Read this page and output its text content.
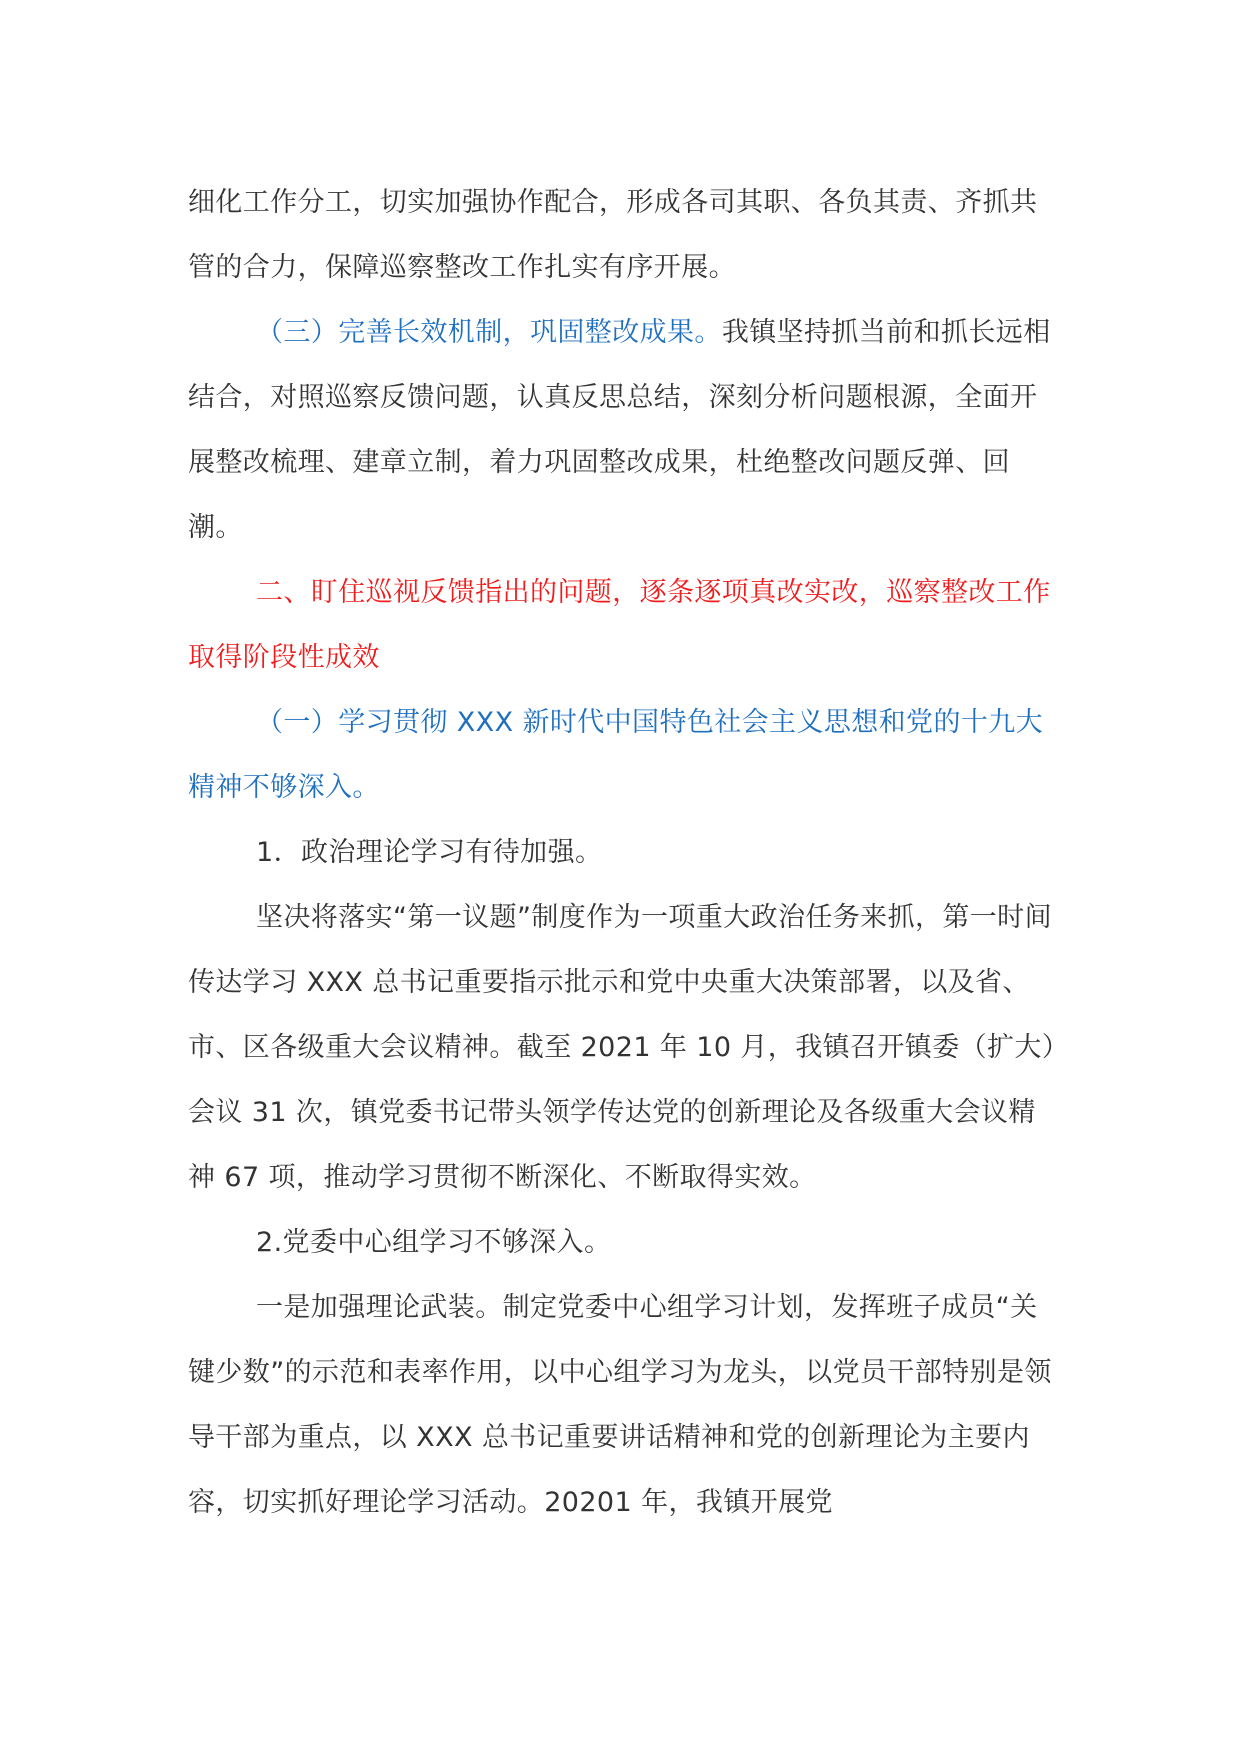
细化工作分工，切实加强协作配合，形成各司其职、各负其责、齐抓共管的合力，保障巡察整改工作扎实有序开展。

（三）完善长效机制，巩固整改成果。我镇坚持抓当前和抓长远相结合，对照巡察反馈问题，认真反思总结，深刻分析问题根源，全面开展整改梳理、建章立制，着力巩固整改成果，杜绝整改问题反弹、回潮。

二、盯住巡视反馈指出的问题，逐条逐项真改实改，巡察整改工作取得阶段性成效

（一）学习贯彻 XXX 新时代中国特色社会主义思想和党的十九大精神不够深入。

1．政治理论学习有待加强。

坚决将落实“第一议题”制度作为一项重大政治任务来抓，第一时间传达学习 XXX 总书记重要指示批示和党中央重大决策部署，以及省、市、区各级重大会议精神。截至 2021 年 10 月，我镇召开镇委（扩大）会议 31 次，镇党委书记带头领学传达党的创新理论及各级重大会议精神 67 项，推动学习贯彻不断深化、不断取得实效。

2.党委中心组学习不够深入。

一是加强理论武装。制定党委中心组学习计划，发挥班子成员“关键少数”的示范和表率作用，以中心组学习为龙头，以党员干部特别是领导干部为重点，以 XXX 总书记重要讲话精神和党的创新理论为主要内容，切实抓好理论学习活动。20201 年，我镇开展党
